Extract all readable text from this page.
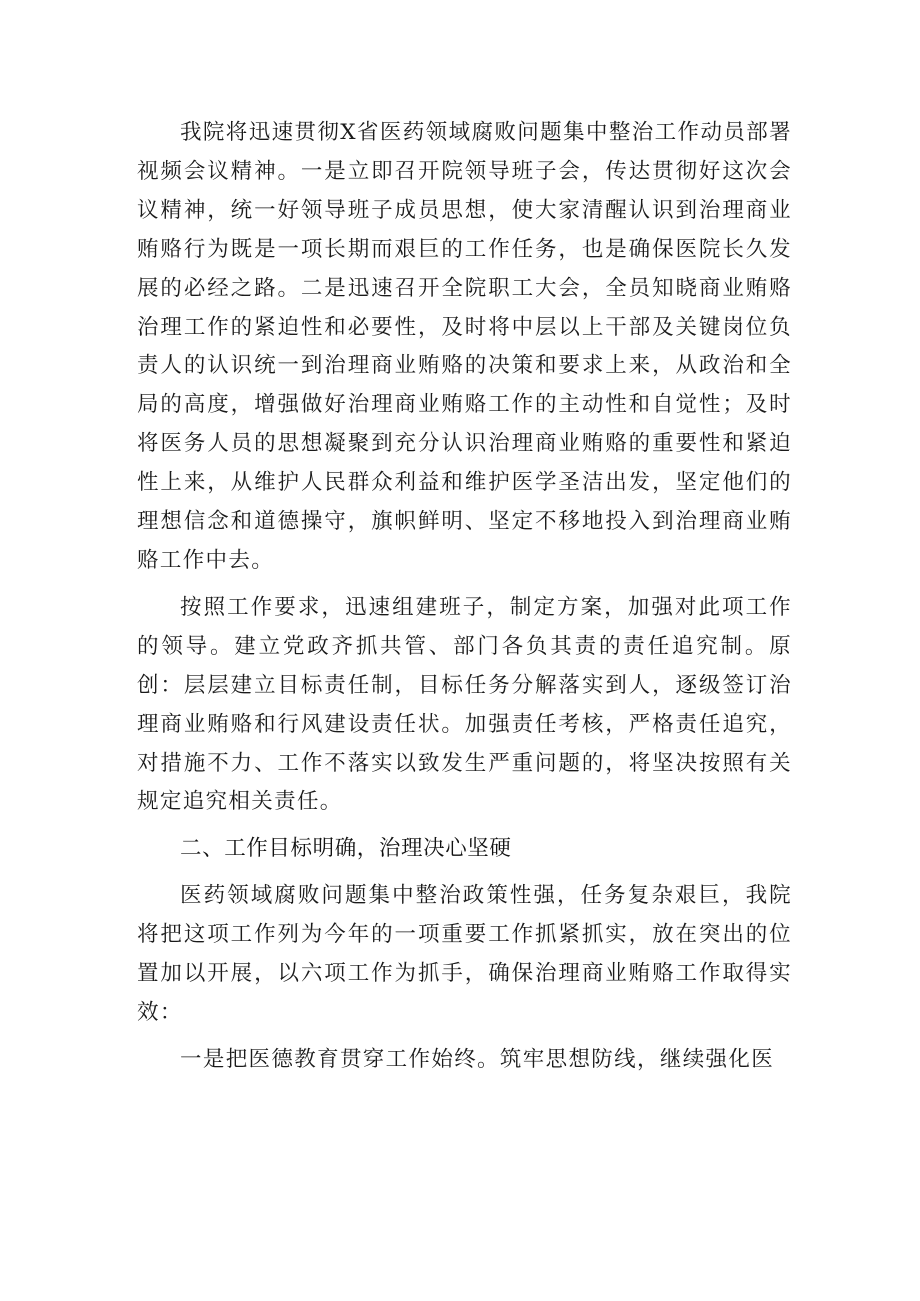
我院将迅速贯彻X省医药领域腐败问题集中整治工作动员部署视频会议精神。一是立即召开院领导班子会，传达贯彻好这次会议精神，统一好领导班子成员思想，使大家清醒认识到治理商业贿赂行为既是一项长期而艰巨的工作任务，也是确保医院长久发展的必经之路。二是迅速召开全院职工大会，全员知晓商业贿赂治理工作的紧迫性和必要性，及时将中层以上干部及关键岗位负责人的认识统一到治理商业贿赂的决策和要求上来，从政治和全局的高度，增强做好治理商业贿赂工作的主动性和自觉性；及时将医务人员的思想凝聚到充分认识治理商业贿赂的重要性和紧迫性上来，从维护人民群众利益和维护医学圣洁出发，坚定他们的理想信念和道德操守，旗帜鲜明、坚定不移地投入到治理商业贿赂工作中去。

按照工作要求，迅速组建班子，制定方案，加强对此项工作的领导。建立党政齐抓共管、部门各负其责的责任追究制。原创：层层建立目标责任制，目标任务分解落实到人，逐级签订治理商业贿赂和行风建设责任状。加强责任考核，严格责任追究，对措施不力、工作不落实以致发生严重问题的，将坚决按照有关规定追究相关责任。

二、工作目标明确，治理决心坚硬

医药领域腐败问题集中整治政策性强，任务复杂艰巨，我院将把这项工作列为今年的一项重要工作抓紧抓实，放在突出的位置加以开展，以六项工作为抓手，确保治理商业贿赂工作取得实效：

一是把医德教育贯穿工作始终。筑牢思想防线，继续强化医
